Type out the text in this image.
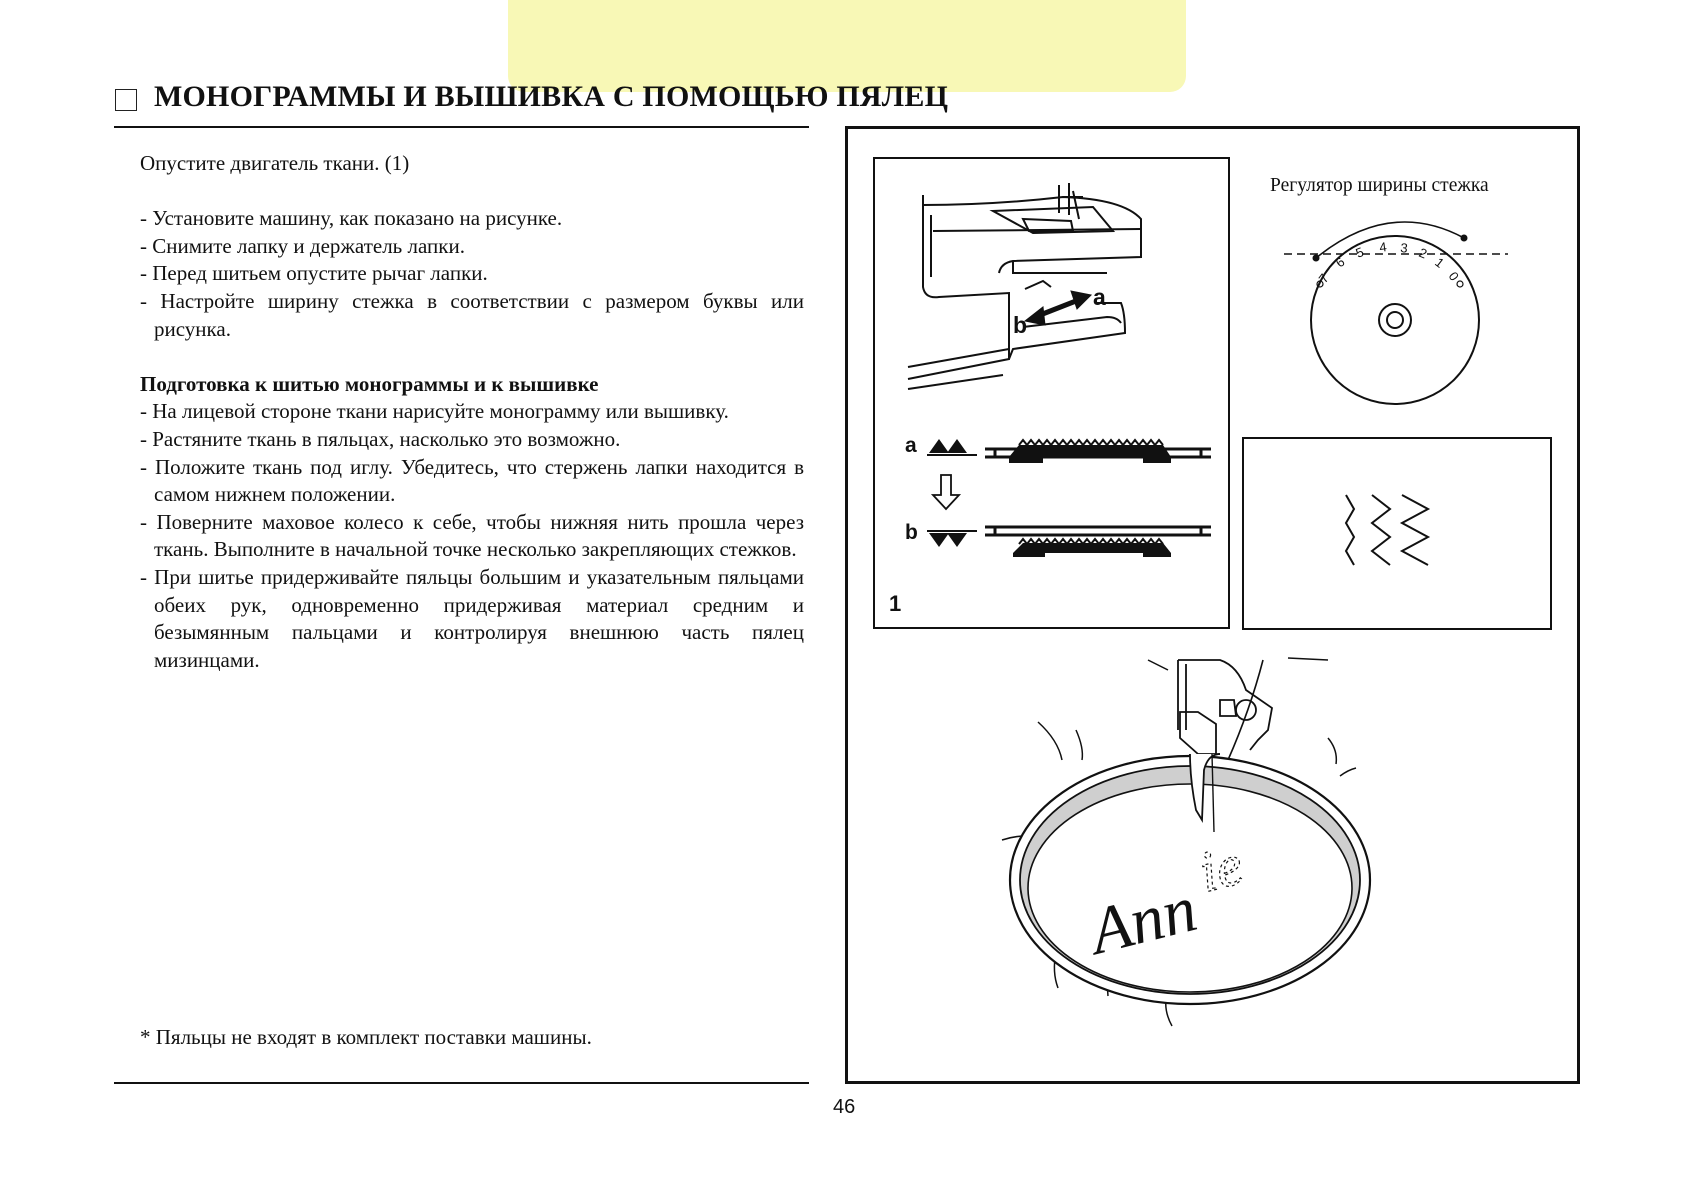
МОНОГРАММЫ И ВЫШИВКА С ПОМОЩЬЮ ПЯЛЕЦ

Опустите двигатель ткани. (1)

- Установите машину, как показано на рисунке.

- Снимите лапку и держатель лапки.

- Перед шитьем опустите рычаг лапки.

- Настройте ширину стежка в соответствии с размером буквы или рисунка.

Подготовка к шитью монограммы и к вышивке

- На лицевой стороне ткани нарисуйте монограмму или вышивку.

- Растяните ткань в пяльцах, насколько это возможно.

- Положите ткань под иглу. Убедитесь, что стержень лапки находится в самом нижнем положении.

- Поверните маховое колесо к себе, чтобы нижняя нить прошла через ткань. Выполните в начальной точке несколько закрепляющих стежков.

- При шитье придерживайте пяльцы большим и указательным пяльцами обеих рук, одновременно придерживая материал средним и безымянным пальцами и контролируя внешнюю часть пялец мизинцами.

* Пяльцы не входят в комплект поставки машины.
46
b
a
a
b
1
Регулятор ширины стежка
7
6
5 4 3 2
1
0
Ann
ie
